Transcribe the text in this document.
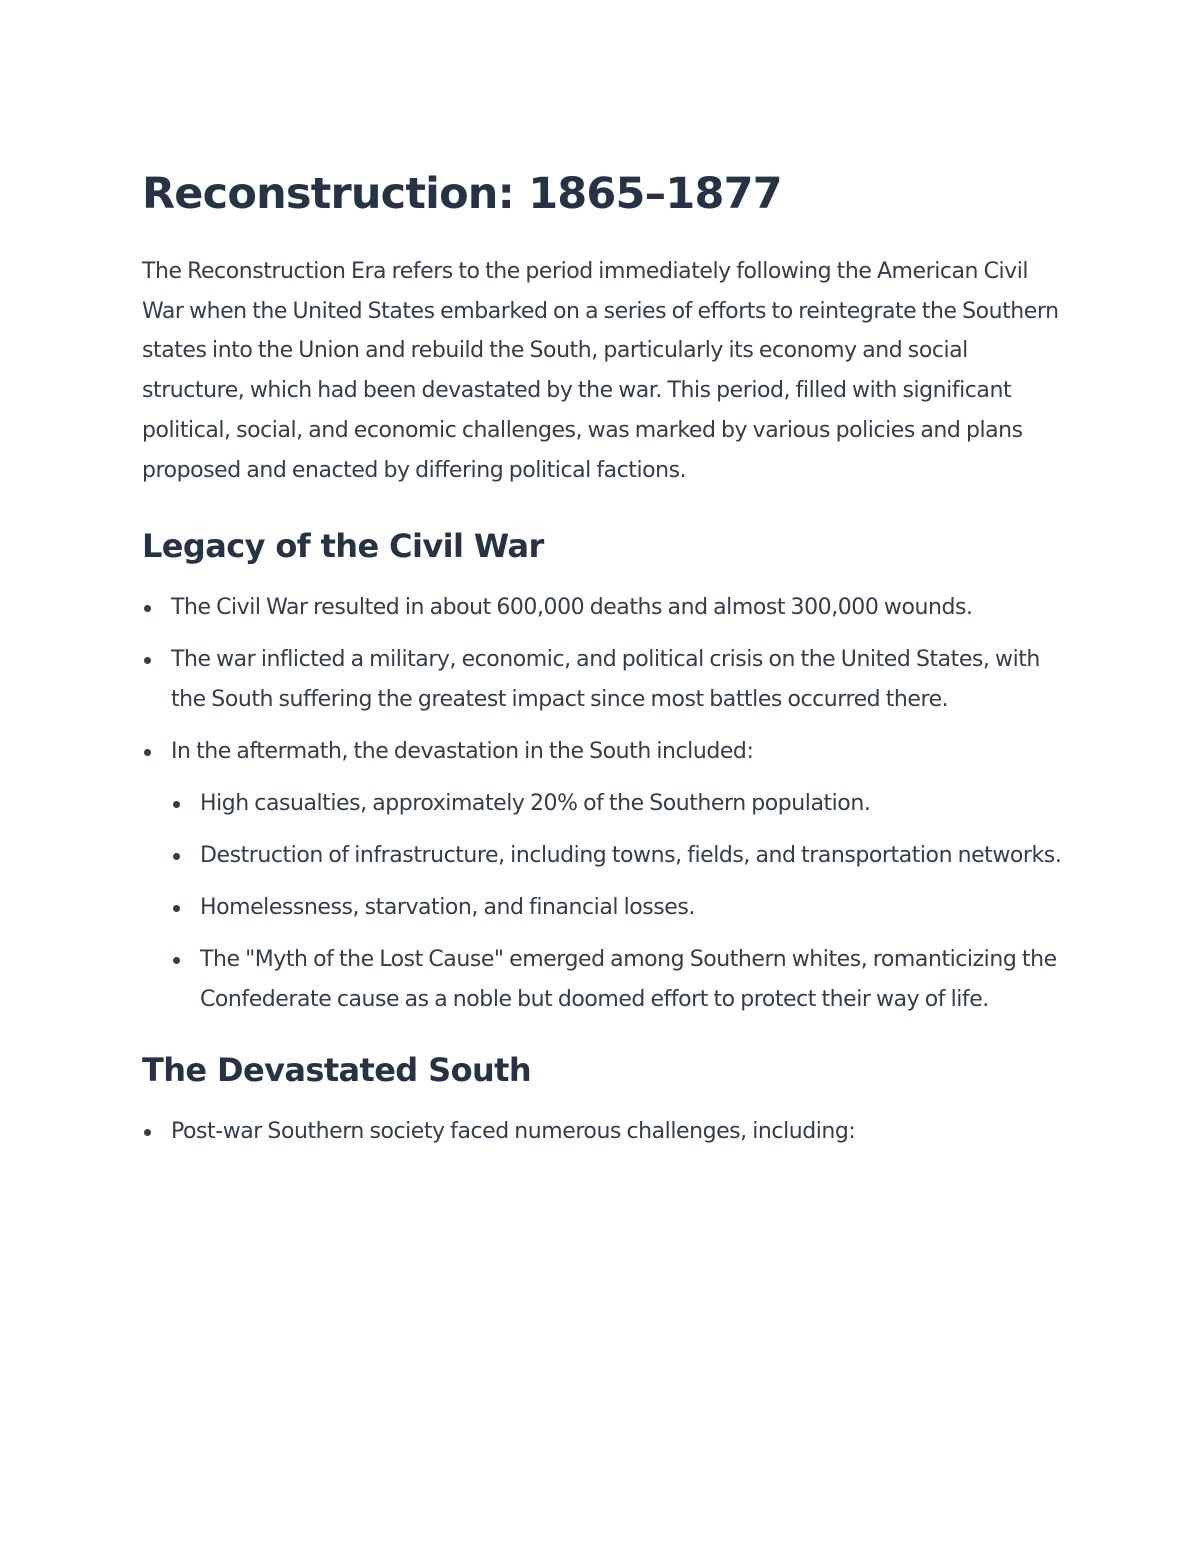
Reconstruction: 1865–1877

The Reconstruction Era refers to the period immediately following the American Civil War when the United States embarked on a series of efforts to reintegrate the Southern states into the Union and rebuild the South, particularly its economy and social structure, which had been devastated by the war. This period, filled with significant political, social, and economic challenges, was marked by various policies and plans proposed and enacted by differing political factions.

Legacy of the Civil War
The Civil War resulted in about 600,000 deaths and almost 300,000 wounds.
The war inflicted a military, economic, and political crisis on the United States, with the South suffering the greatest impact since most battles occurred there.
In the aftermath, the devastation in the South included:
High casualties, approximately 20% of the Southern population.
Destruction of infrastructure, including towns, fields, and transportation networks.
Homelessness, starvation, and financial losses.
The "Myth of the Lost Cause" emerged among Southern whites, romanticizing the Confederate cause as a noble but doomed effort to protect their way of life.
The Devastated South
Post-war Southern society faced numerous challenges, including:
